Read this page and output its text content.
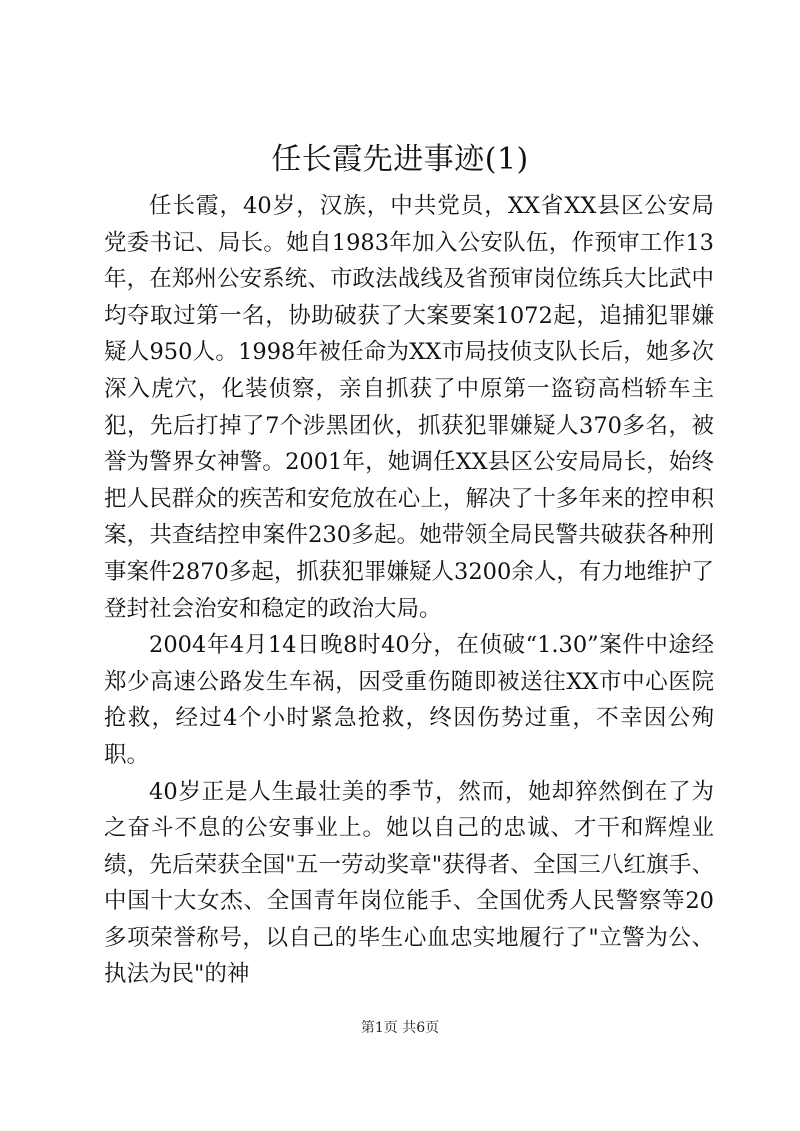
任长霞先进事迹(1)

任长霞，40岁，汉族，中共党员，XX省XX县区公安局党委书记、局长。她自1983年加入公安队伍，作预审工作13年，在郑州公安系统、市政法战线及省预审岗位练兵大比武中均夺取过第一名，协助破获了大案要案1072起，追捕犯罪嫌疑人950人。1998年被任命为XX市局技侦支队长后，她多次深入虎穴，化装侦察，亲自抓获了中原第一盗窃高档轿车主犯，先后打掉了7个涉黑团伙，抓获犯罪嫌疑人370多名，被誉为警界女神警。2001年，她调任XX县区公安局局长，始终把人民群众的疾苦和安危放在心上，解决了十多年来的控申积案，共查结控申案件230多起。她带领全局民警共破获各种刑事案件2870多起，抓获犯罪嫌疑人3200余人，有力地维护了登封社会治安和稳定的政治大局。

2004年4月14日晚8时40分，在侦破“1.30”案件中途经郑少高速公路发生车祸，因受重伤随即被送往XX市中心医院抢救，经过4个小时紧急抢救，终因伤势过重，不幸因公殉职。

40岁正是人生最壮美的季节，然而，她却猝然倒在了为之奋斗不息的公安事业上。她以自己的忠诚、才干和辉煌业绩，先后荣获全国"五一劳动奖章"获得者、全国三八红旗手、中国十大女杰、全国青年岗位能手、全国优秀人民警察等20多项荣誉称号，以自己的毕生心血忠实地履行了"立警为公、执法为民"的神

第1页 共6页
